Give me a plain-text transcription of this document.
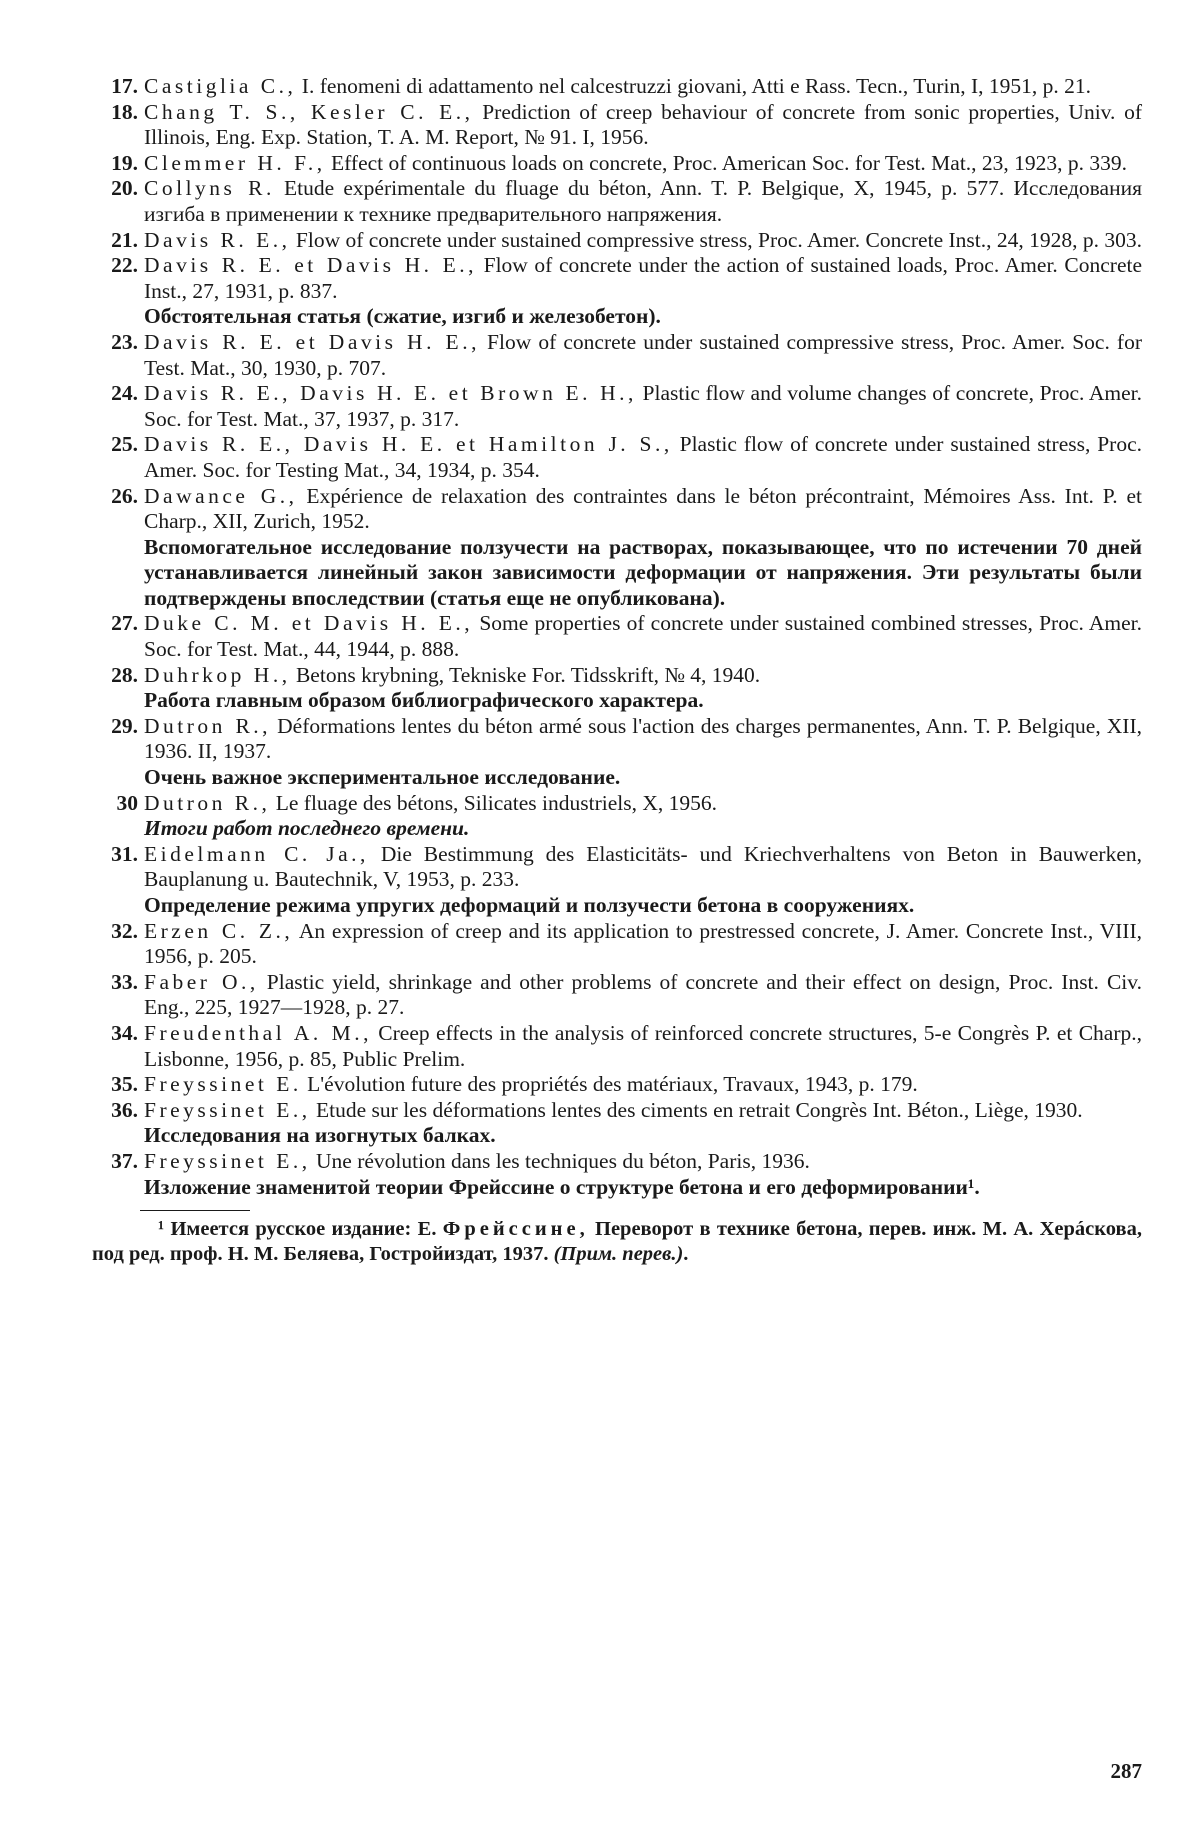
17. Castiglia C., I. fenomeni di adattamento nel calcestruzzi giovani, Atti e Rass. Tecn., Turin, I, 1951, p. 21.
18. Chang T. S., Kesler C. E., Prediction of creep behaviour of concrete from sonic properties, Univ. of Illinois, Eng. Exp. Station, T. A. M. Report, № 91. I, 1956.
19. Clemmer H. F., Effect of continuous loads on concrete, Proc. American Soc. for Test. Mat., 23, 1923, p. 339.
20. Collyns R. Etude expérimentale du fluage du béton, Ann. T. P. Belgique, X, 1945, p. 577. Исследования изгиба в применении к технике предварительного напряжения.
21. Davis R. E., Flow of concrete under sustained compressive stress, Proc. Amer. Concrete Inst., 24, 1928, p. 303.
22. Davis R. E. et Davis H. E., Flow of concrete under the action of sustained loads, Proc. Amer. Concrete Inst., 27, 1931, p. 837.
Обстоятельная статья (сжатие, изгиб и железобетон).
23. Davis R. E. et Davis H. E., Flow of concrete under sustained compressive stress, Proc. Amer. Soc. for Test. Mat., 30, 1930, p. 707.
24. Davis R. E., Davis H. E. et Brown E. H., Plastic flow and volume changes of concrete, Proc. Amer. Soc. for Test. Mat., 37, 1937, p. 317.
25. Davis R. E., Davis H. E. et Hamilton J. S., Plastic flow of concrete under sustained stress, Proc. Amer. Soc. for Testing Mat., 34, 1934, p. 354.
26. Dawance G., Expérience de relaxation des contraintes dans le béton précontraint, Mémoires Ass. Int. P. et Charp., XII, Zurich, 1952.
Вспомогательное исследование ползучести на растворах, показывающее, что по истечении 70 дней устанавливается линейный закон зависимости деформации от напряжения. Эти результаты были подтверждены впоследствии (статья еще не опубликована).
27. Duke C. M. et Davis H. E., Some properties of concrete under sustained combined stresses, Proc. Amer. Soc. for Test. Mat., 44, 1944, p. 888.
28. Duhrkop H., Betons krybning, Tekniske For. Tidsskrift, № 4, 1940.
Работа главным образом библиографического характера.
29. Dutron R., Déformations lentes du béton armé sous l'action des charges permanentes, Ann. T. P. Belgique, XII, 1936. II, 1937.
Очень важное экспериментальное исследование.
30 Dutron R., Le fluage des bétons, Silicates industriels, X, 1956.
Итоги работ последнего времени.
31. Eidelmann C. Ja., Die Bestimmung des Elasticitäts- und Kriechverhaltens von Beton in Bauwerken, Bauplanung u. Bautechnik, V, 1953, p. 233.
Определение режима упругих деформаций и ползучести бетона в сооружениях.
32. Erzen C. Z., An expression of creep and its application to prestressed concrete, J. Amer. Concrete Inst., VIII, 1956, p. 205.
33. Faber O., Plastic yield, shrinkage and other problems of concrete and their effect on design, Proc. Inst. Civ. Eng., 225, 1927—1928, p. 27.
34. Freudenthal A. M., Creep effects in the analysis of reinforced concrete structures, 5-e Congrès P. et Charp., Lisbonne, 1956, p. 85, Public Prelim.
35. Freyssinet E. L'évolution future des propriétés des matériaux, Travaux, 1943, p. 179.
36. Freyssinet E., Etude sur les déformations lentes des ciments en retrait Congrès Int. Béton., Liège, 1930.
Исследования на изогнутых балках.
37. Freyssinet E., Une révolution dans les techniques du béton, Paris, 1936.
Изложение знаменитой теории Фрейссине о структуре бетона и его деформировании¹.
¹ Имеется русское издание: Е. Фрейссине, Переворот в технике бетона, перев. инж. М. А. Херáскова, под ред. проф. Н. М. Беляева, Гостройиздат, 1937. (Прим. перев.).
287
